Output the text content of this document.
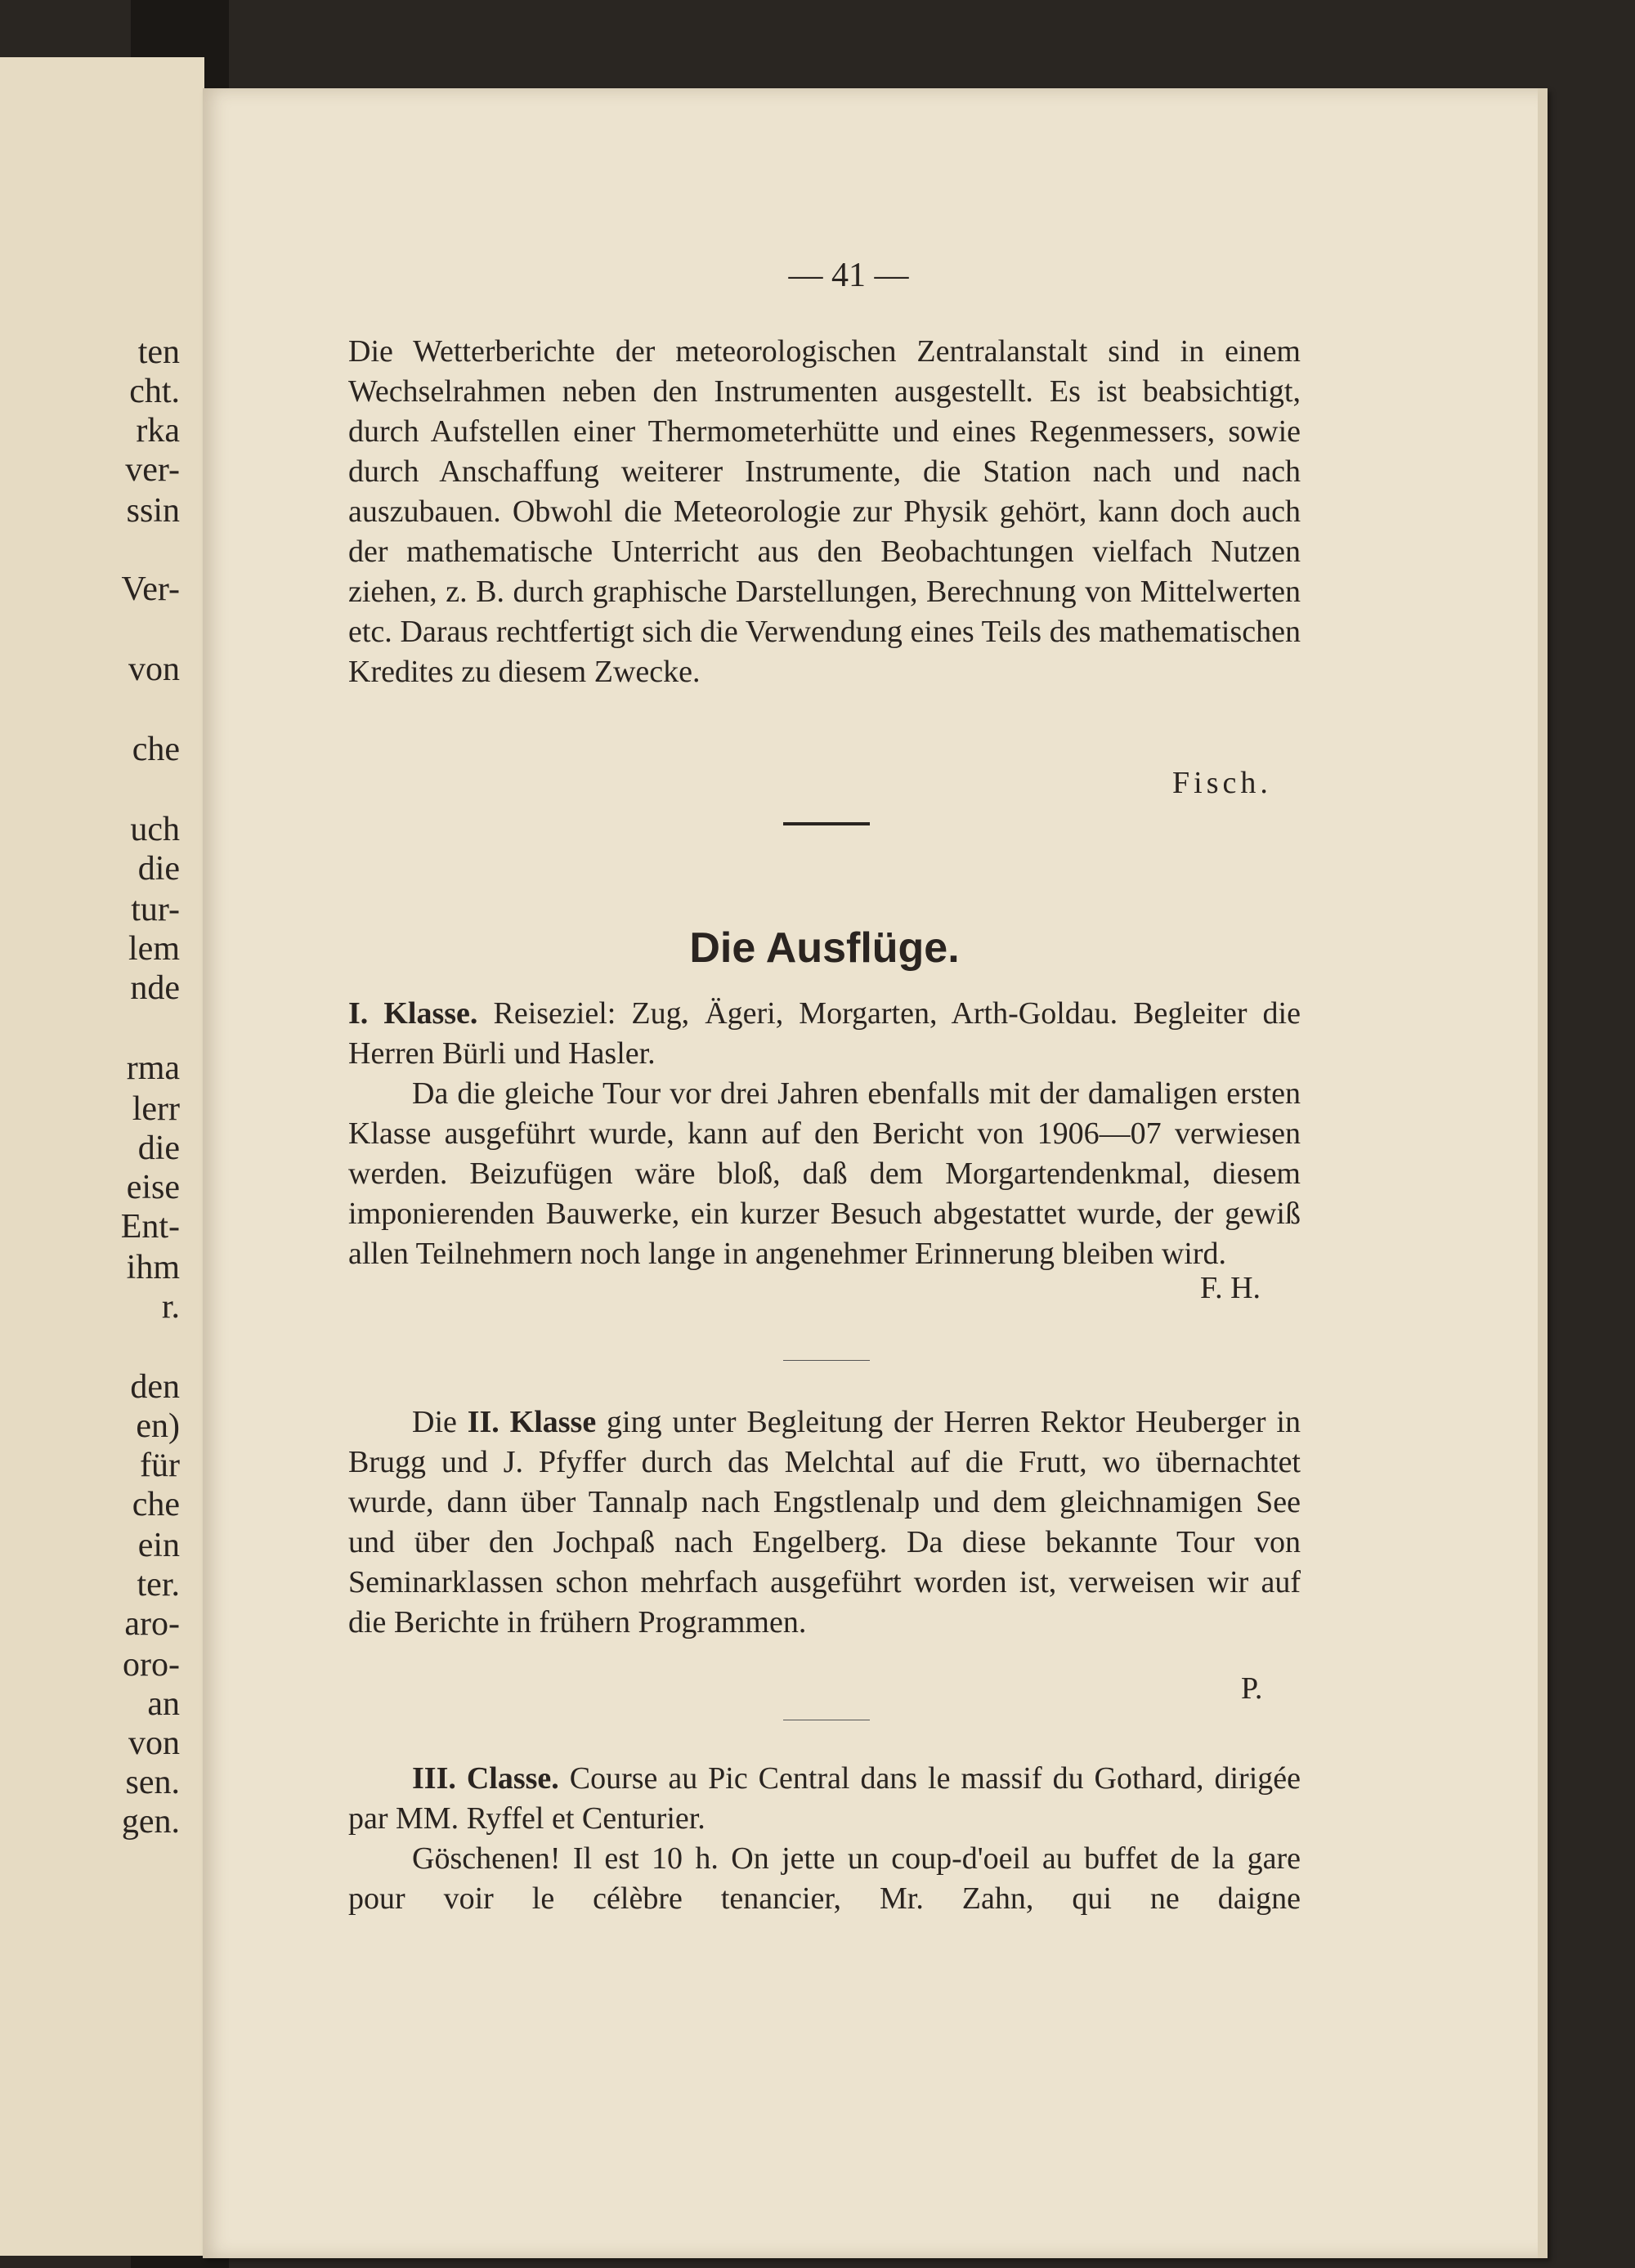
ten
cht.
rka
ver-
ssin
Ver-
von
che
uch
die
tur-
lem
nde
rma
lerr
die
eise
Ent-
ihm
r.
den
en)
für
che
ein
ter.
aro-
oro-
an
von
sen.
gen.
— 41 —

Die Wetterberichte der meteorologischen Zentralanstalt sind in einem Wechselrahmen neben den Instrumenten ausgestellt. Es ist beabsichtigt, durch Aufstellen einer Thermometerhütte und eines Regenmessers, sowie durch Anschaffung weiterer Instrumente, die Station nach und nach auszubauen. Obwohl die Meteorologie zur Physik gehört, kann doch auch der mathematische Unterricht aus den Beobachtungen vielfach Nutzen ziehen, z. B. durch graphische Darstellungen, Berechnung von Mittelwerten etc. Daraus rechtfertigt sich die Verwendung eines Teils des mathematischen Kredites zu diesem Zwecke.

Fisch.
Die Ausflüge.

I. Klasse. Reiseziel: Zug, Ägeri, Morgarten, Arth-Goldau. Begleiter die Herren Bürli und Hasler.

Da die gleiche Tour vor drei Jahren ebenfalls mit der damaligen ersten Klasse ausgeführt wurde, kann auf den Bericht von 1906—07 verwiesen werden. Beizufügen wäre bloß, daß dem Morgartendenkmal, diesem imponierenden Bauwerke, ein kurzer Besuch abgestattet wurde, der gewiß allen Teilnehmern noch lange in angenehmer Erinnerung bleiben wird.

F. H.

Die II. Klasse ging unter Begleitung der Herren Rektor Heuberger in Brugg und J. Pfyffer durch das Melchtal auf die Frutt, wo übernachtet wurde, dann über Tannalp nach Engstlenalp und dem gleichnamigen See und über den Jochpaß nach Engelberg. Da diese bekannte Tour von Seminarklassen schon mehrfach ausgeführt worden ist, verweisen wir auf die Berichte in frühern Programmen.

P.

III. Classe. Course au Pic Central dans le massif du Gothard, dirigée par MM. Ryffel et Centurier.

Göschenen! Il est 10 h. On jette un coup-d'oeil au buffet de la gare pour voir le célèbre tenancier, Mr. Zahn, qui ne daigne
